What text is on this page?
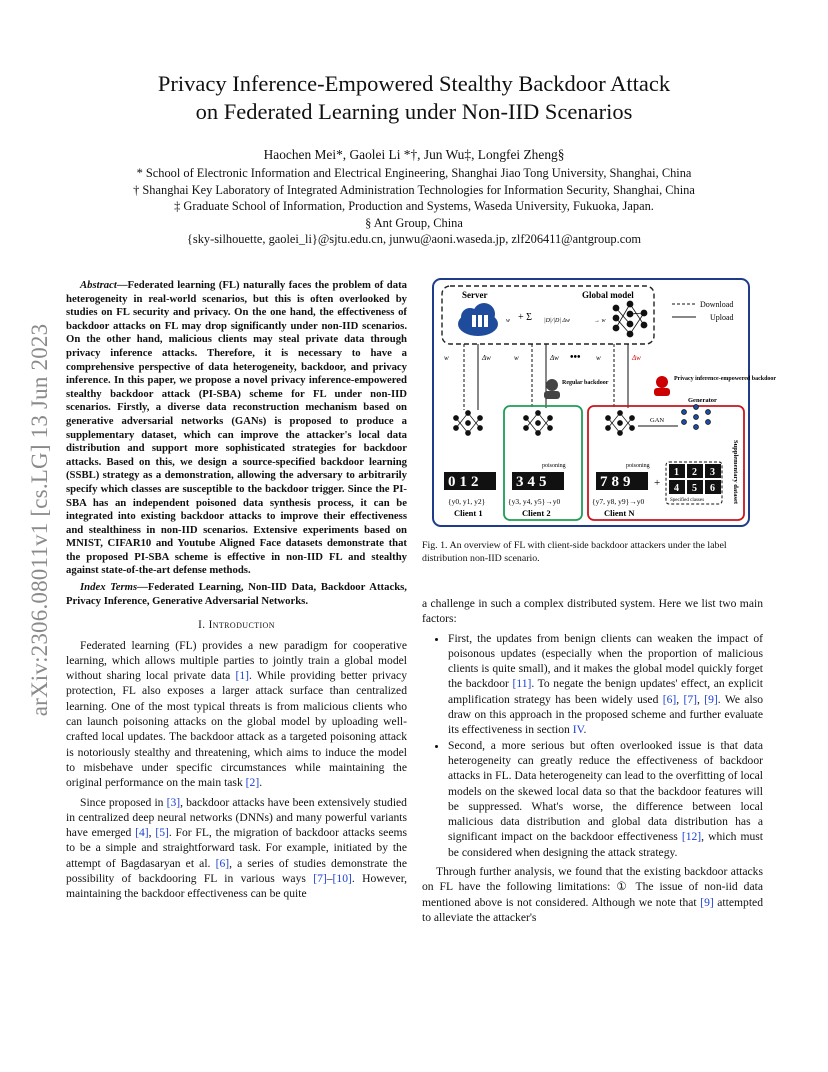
arXiv:2306.08011v1 [cs.LG] 13 Jun 2023
Privacy Inference-Empowered Stealthy Backdoor Attack
on Federated Learning under Non-IID Scenarios
Haochen Mei*, Gaolei Li *†, Jun Wu‡, Longfei Zheng§
* School of Electronic Information and Electrical Engineering, Shanghai Jiao Tong University, Shanghai, China
† Shanghai Key Laboratory of Integrated Administration Technologies for Information Security, Shanghai, China
‡ Graduate School of Information, Production and Systems, Waseda University, Fukuoka, Japan.
§ Ant Group, China
{sky-silhouette, gaolei_li}@sjtu.edu.cn, junwu@aoni.waseda.jp, zlf206411@antgroup.com
Abstract—Federated learning (FL) naturally faces the problem of data heterogeneity in real-world scenarios, but this is often overlooked by studies on FL security and privacy. On the one hand, the effectiveness of backdoor attacks on FL may drop significantly under non-IID scenarios. On the other hand, malicious clients may steal private data through privacy inference attacks. Therefore, it is necessary to have a comprehensive perspective of data heterogeneity, backdoor, and privacy inference. In this paper, we propose a novel privacy inference-empowered stealthy backdoor attack (PI-SBA) scheme for FL under non-IID scenarios. Firstly, a diverse data reconstruction mechanism based on generative adversarial networks (GANs) is proposed to produce a supplementary dataset, which can improve the attacker's local data distribution and support more sophisticated strategies for backdoor attacks. Based on this, we design a source-specified backdoor learning (SSBL) strategy as a demonstration, allowing the adversary to arbitrarily specify which classes are susceptible to the backdoor trigger. Since the PI-SBA has an independent poisoned data synthesis process, it can be integrated into existing backdoor attacks to improve their effectiveness and stealthiness in non-IID scenarios. Extensive experiments based on MNIST, CIFAR10 and Youtube Aligned Face datasets demonstrate that the proposed PI-SBA scheme is effective in non-IID FL and stealthy against state-of-the-art defense methods.
Index Terms—Federated Learning, Non-IID Data, Backdoor Attacks, Privacy Inference, Generative Adversarial Networks.
I. Introduction

Federated learning (FL) provides a new paradigm for cooperative learning, which allows multiple parties to jointly train a global model without sharing local private data [1]. While providing better privacy protection, FL also exposes a larger attack surface than centralized learning. One of the most typical threats is from malicious clients who can launch poisoning attacks on the global model by uploading well-crafted local updates. The backdoor attack as a targeted poisoning attack is notoriously stealthy and threatening, which aims to induce the model to misbehave under specific circumstances while maintaining the original performance on the main task [2].

Since proposed in [3], backdoor attacks have been extensively studied in centralized deep neural networks (DNNs) and many powerful variants have emerged [4], [5]. For FL, the migration of backdoor attacks seems to be a simple and straightforward task. For example, initiated by the attempt of Bagdasaryan et al. [6], a series of studies demonstrate the possibility of backdooring FL in various ways [7]–[10]. However, maintaining the backdoor effectiveness can be quite

Server	Global model
w + Σ |D|/|D| Δw	→ w
Download
Upload
w	Δw	w	Δw ••• w	Δw
Regular backdoor
Privacy inference-empowered backdoor
Generator
GAN
poisoning	poisoning
012 345	789 +
1 2 3
4 5 6
Specified classes	Supplementary dataset
{y0, y1, y2}
Client 1
{y3, y4, y5}→y0
Client 2
{y7, y8, y9}→y0
Client N
Fig. 1. An overview of FL with client-side backdoor attackers under the label distribution non-IID scenario.
a challenge in such a complex distributed system. Here we list two main factors:
• First, the updates from benign clients can weaken the impact of poisonous updates (especially when the proportion of malicious clients is quite small), and it makes the global model quickly forget the backdoor [11]. To negate the benign updates' effect, an explicit amplification strategy has been widely used [6], [7], [9]. We also draw on this approach in the proposed scheme and further evaluate its effectiveness in section IV.
• Second, a more serious but often overlooked issue is that data heterogeneity can greatly reduce the effectiveness of backdoor attacks in FL. Data heterogeneity can lead to the overfitting of local models on the skewed local data so that the backdoor features will be suppressed. What's worse, the difference between local malicious data distribution and global data distribution has a significant impact on the backdoor effectiveness [12], which must be considered when designing the attack strategy.

Through further analysis, we found that the existing backdoor attacks on FL have the following limitations: ① The issue of non-iid data mentioned above is not considered. Although we note that [9] attempted to alleviate the attacker's
